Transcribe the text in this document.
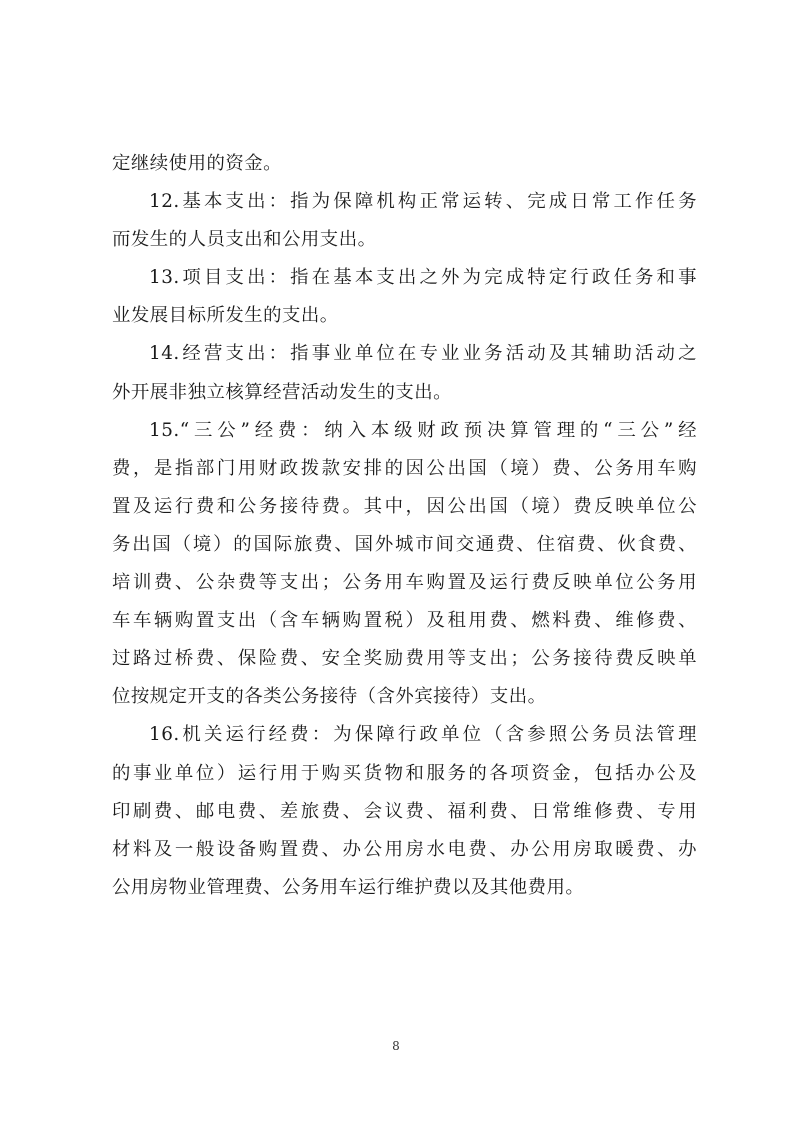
定继续使用的资金。
12.基本支出：指为保障机构正常运转、完成日常工作任务
而发生的人员支出和公用支出。
13.项目支出：指在基本支出之外为完成特定行政任务和事
业发展目标所发生的支出。
14.经营支出：指事业单位在专业业务活动及其辅助活动之
外开展非独立核算经营活动发生的支出。
15.“三公”经费：纳入本级财政预决算管理的“三公”经
费，是指部门用财政拨款安排的因公出国（境）费、公务用车购
置及运行费和公务接待费。其中，因公出国（境）费反映单位公
务出国（境）的国际旅费、国外城市间交通费、住宿费、伙食费、
培训费、公杂费等支出；公务用车购置及运行费反映单位公务用
车车辆购置支出（含车辆购置税）及租用费、燃料费、维修费、
过路过桥费、保险费、安全奖励费用等支出；公务接待费反映单
位按规定开支的各类公务接待（含外宾接待）支出。
16.机关运行经费：为保障行政单位（含参照公务员法管理
的事业单位）运行用于购买货物和服务的各项资金，包括办公及
印刷费、邮电费、差旅费、会议费、福利费、日常维修费、专用
材料及一般设备购置费、办公用房水电费、办公用房取暖费、办
公用房物业管理费、公务用车运行维护费以及其他费用。
8
